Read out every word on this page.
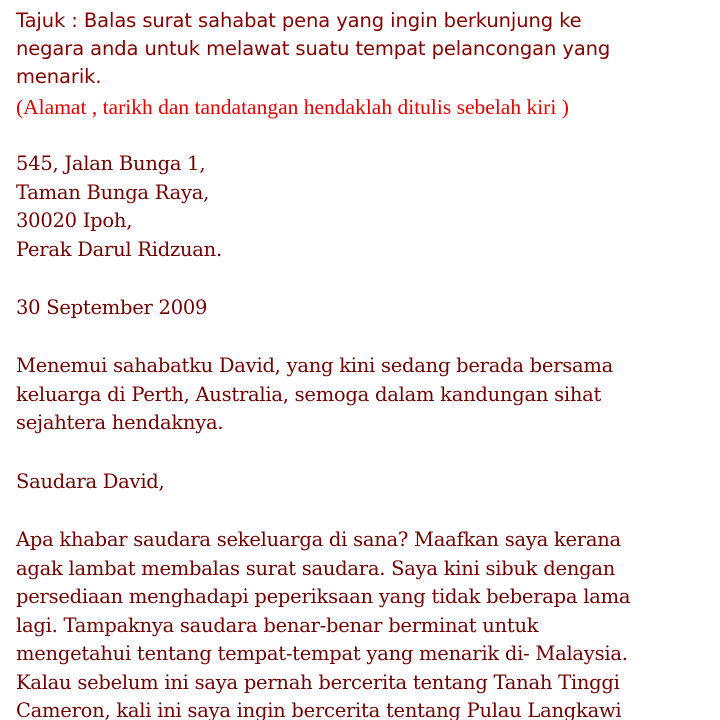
Tajuk : Balas surat sahabat pena yang ingin berkunjung ke
negara anda untuk melawat suatu tempat pelancongan yang
menarik.
(Alamat , tarikh dan tandatangan hendaklah ditulis sebelah kiri )
545, Jalan Bunga 1,
Taman Bunga Raya,
30020 Ipoh,
Perak Darul Ridzuan.
30 September 2009
Menemui sahabatku David, yang kini sedang berada bersama
keluarga di Perth, Australia, semoga dalam kandungan sihat
sejahtera hendaknya.
Saudara David,
Apa khabar saudara sekeluarga di sana? Maafkan saya kerana
agak lambat membalas surat saudara. Saya kini sibuk dengan
persediaan menghadapi peperiksaan yang tidak beberapa lama
lagi. Tampaknya saudara benar-benar berminat untuk
mengetahui tentang tempat-tempat yang menarik di- Malaysia.
Kalau sebelum ini saya pernah bercerita tentang Tanah Tinggi
Cameron, kali ini saya ingin bercerita tentang Pulau Langkawi
